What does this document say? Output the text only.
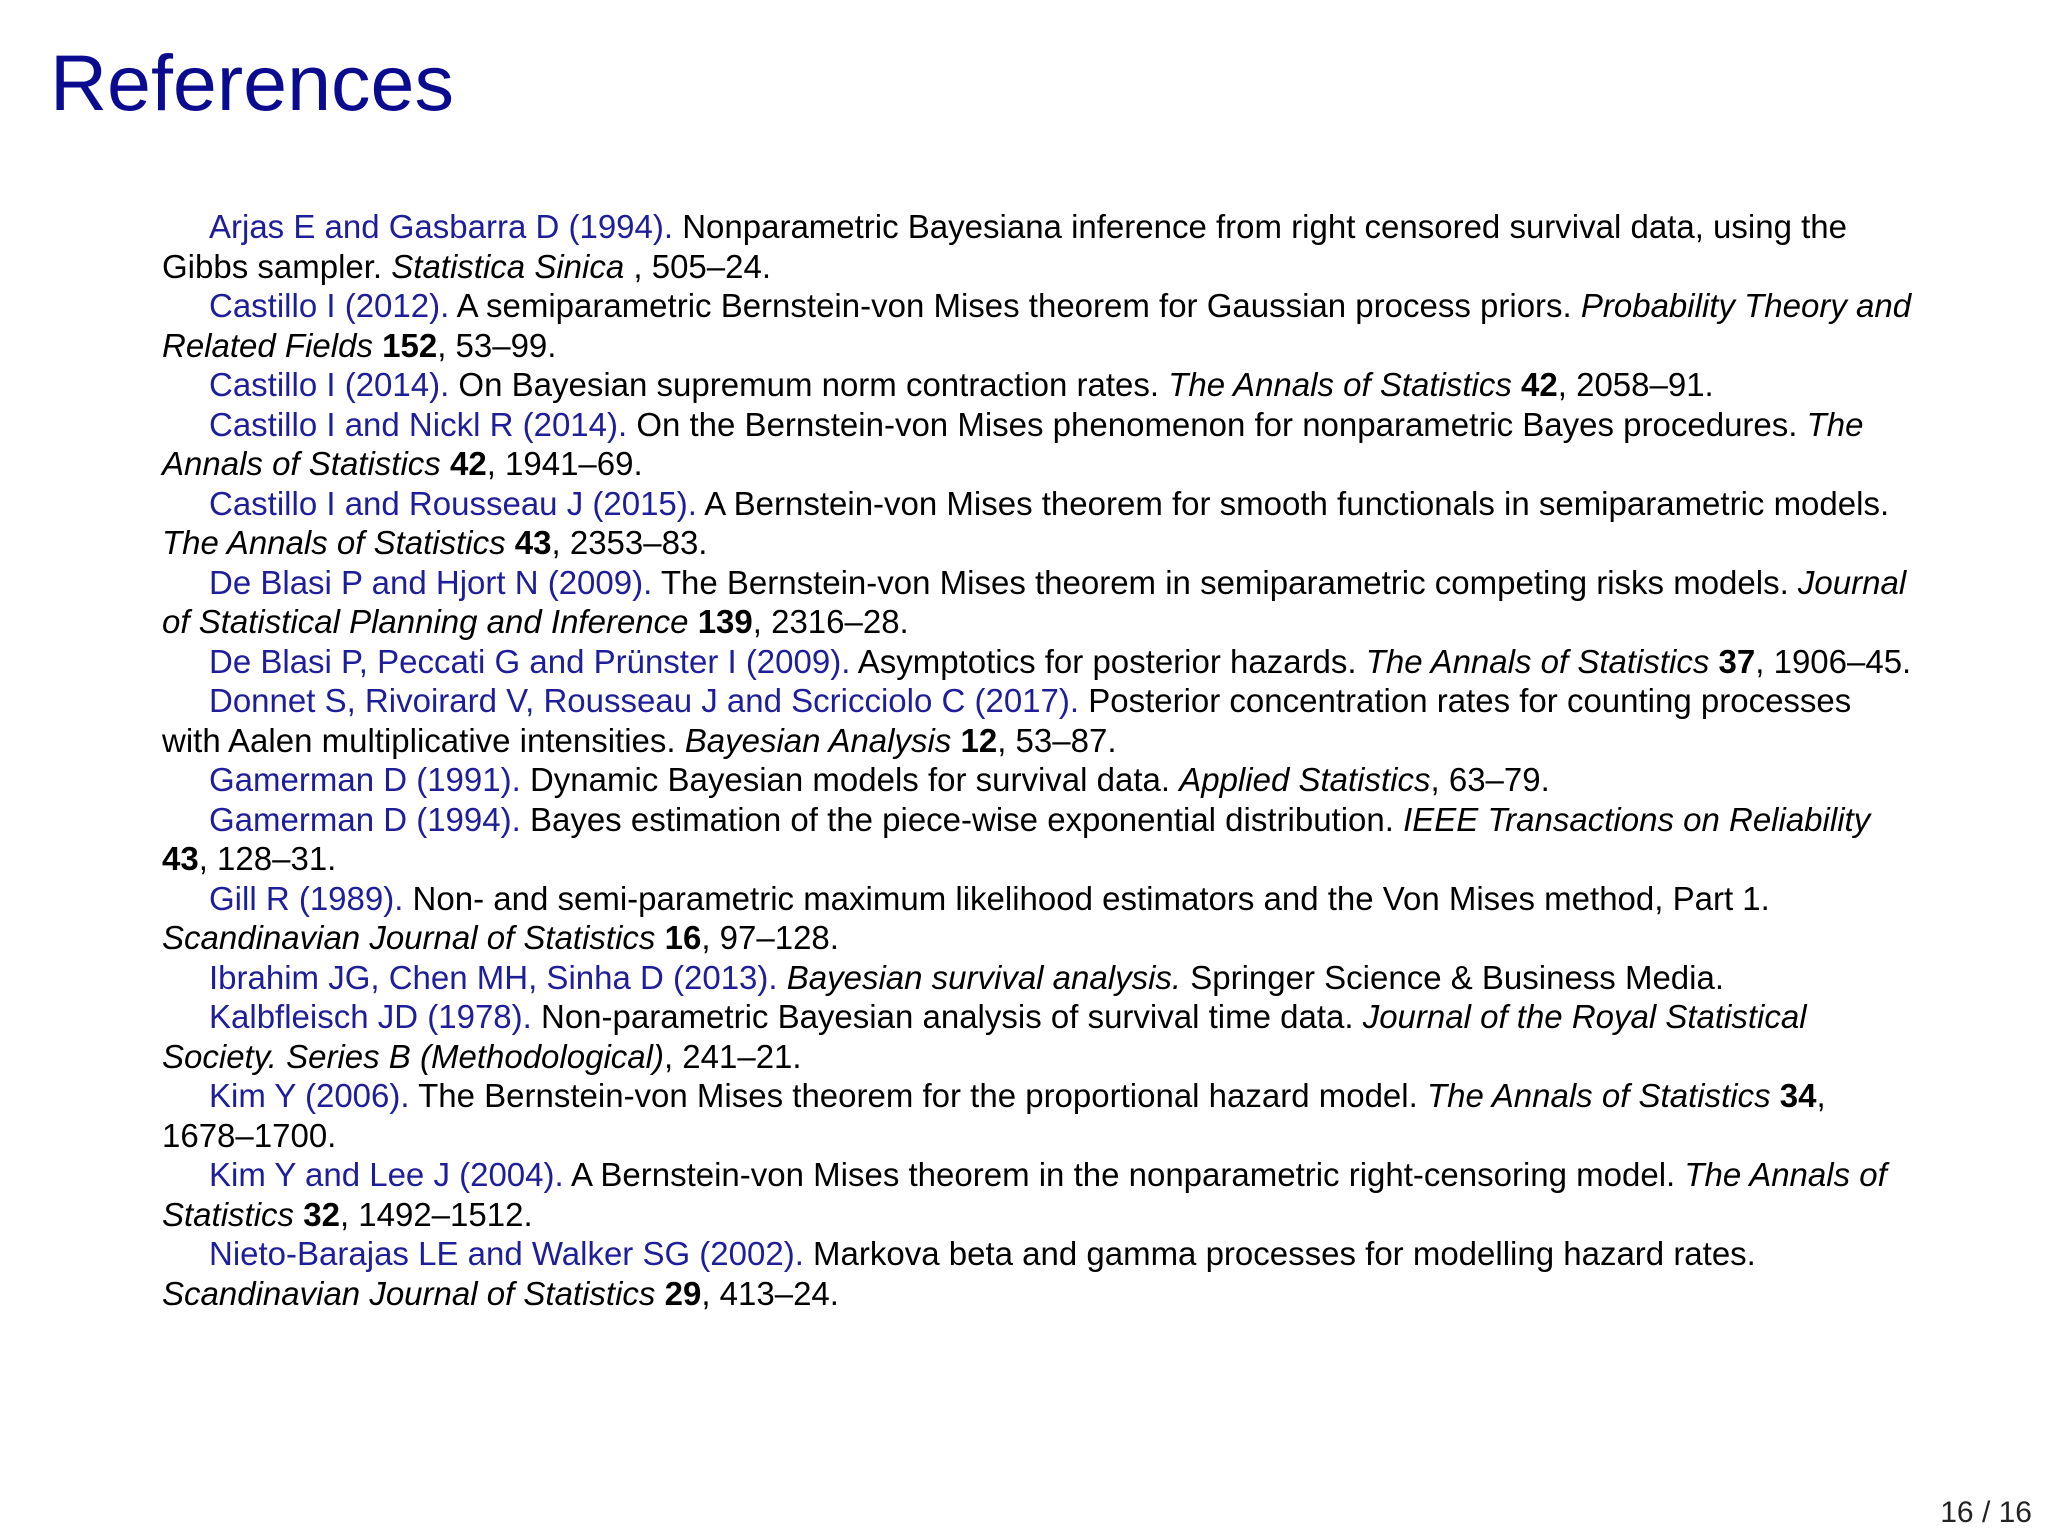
References

Arjas E and Gasbarra D (1994). Nonparametric Bayesiana inference from right censored survival data, using the Gibbs sampler. Statistica Sinica , 505–24.

Castillo I (2012). A semiparametric Bernstein-von Mises theorem for Gaussian process priors. Probability Theory and Related Fields 152, 53–99.

Castillo I (2014). On Bayesian supremum norm contraction rates. The Annals of Statistics 42, 2058–91.

Castillo I and Nickl R (2014). On the Bernstein-von Mises phenomenon for nonparametric Bayes procedures. The Annals of Statistics 42, 1941–69.

Castillo I and Rousseau J (2015). A Bernstein-von Mises theorem for smooth functionals in semiparametric models. The Annals of Statistics 43, 2353–83.

De Blasi P and Hjort N (2009). The Bernstein-von Mises theorem in semiparametric competing risks models. Journal of Statistical Planning and Inference 139, 2316–28.

De Blasi P, Peccati G and Prünster I (2009). Asymptotics for posterior hazards. The Annals of Statistics 37, 1906–45.

Donnet S, Rivoirard V, Rousseau J and Scricciolo C (2017). Posterior concentration rates for counting processes with Aalen multiplicative intensities. Bayesian Analysis 12, 53–87.

Gamerman D (1991). Dynamic Bayesian models for survival data. Applied Statistics, 63–79.

Gamerman D (1994). Bayes estimation of the piece-wise exponential distribution. IEEE Transactions on Reliability 43, 128–31.

Gill R (1989). Non- and semi-parametric maximum likelihood estimators and the Von Mises method, Part 1. Scandinavian Journal of Statistics 16, 97–128.

Ibrahim JG, Chen MH, Sinha D (2013). Bayesian survival analysis. Springer Science & Business Media.

Kalbfleisch JD (1978). Non-parametric Bayesian analysis of survival time data. Journal of the Royal Statistical Society. Series B (Methodological), 241–21.

Kim Y (2006). The Bernstein-von Mises theorem for the proportional hazard model. The Annals of Statistics 34, 1678–1700.

Kim Y and Lee J (2004). A Bernstein-von Mises theorem in the nonparametric right-censoring model. The Annals of Statistics 32, 1492–1512.

Nieto-Barajas LE and Walker SG (2002). Markova beta and gamma processes for modelling hazard rates. Scandinavian Journal of Statistics 29, 413–24.

16 / 16
